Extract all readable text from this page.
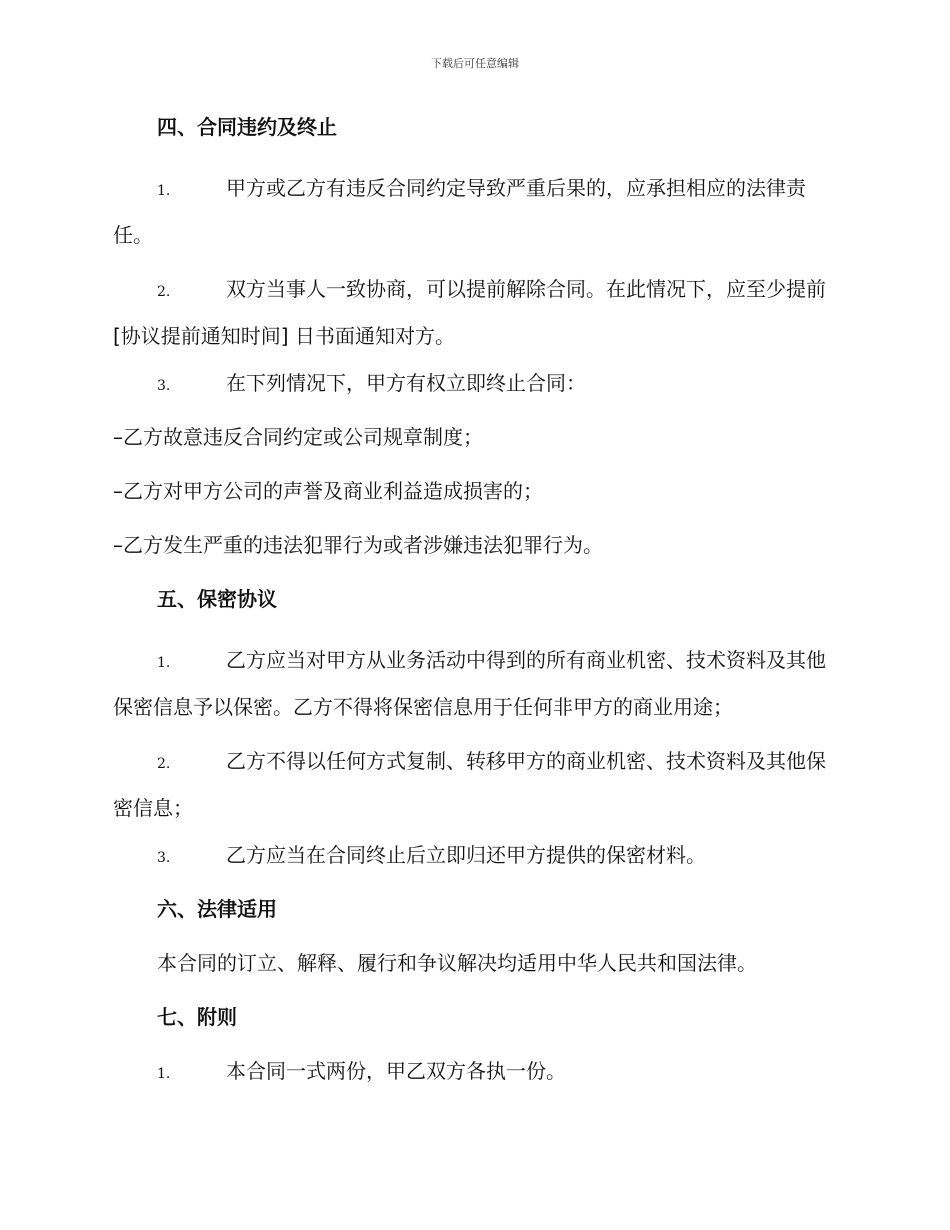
下载后可任意编辑
四、合同违约及终止
1.	甲方或乙方有违反合同约定导致严重后果的，应承担相应的法律责任。
2.	双方当事人一致协商，可以提前解除合同。在此情况下，应至少提前 [协议提前通知时间] 日书面通知对方。
3.	在下列情况下，甲方有权立即终止合同：
–乙方故意违反合同约定或公司规章制度；
–乙方对甲方公司的声誉及商业利益造成损害的；
–乙方发生严重的违法犯罪行为或者涉嫌违法犯罪行为。
五、保密协议
1.	乙方应当对甲方从业务活动中得到的所有商业机密、技术资料及其他保密信息予以保密。乙方不得将保密信息用于任何非甲方的商业用途；
2.	乙方不得以任何方式复制、转移甲方的商业机密、技术资料及其他保密信息；
3.	乙方应当在合同终止后立即归还甲方提供的保密材料。
六、法律适用
本合同的订立、解释、履行和争议解决均适用中华人民共和国法律。
七、附则
1.	本合同一式两份，甲乙双方各执一份。
